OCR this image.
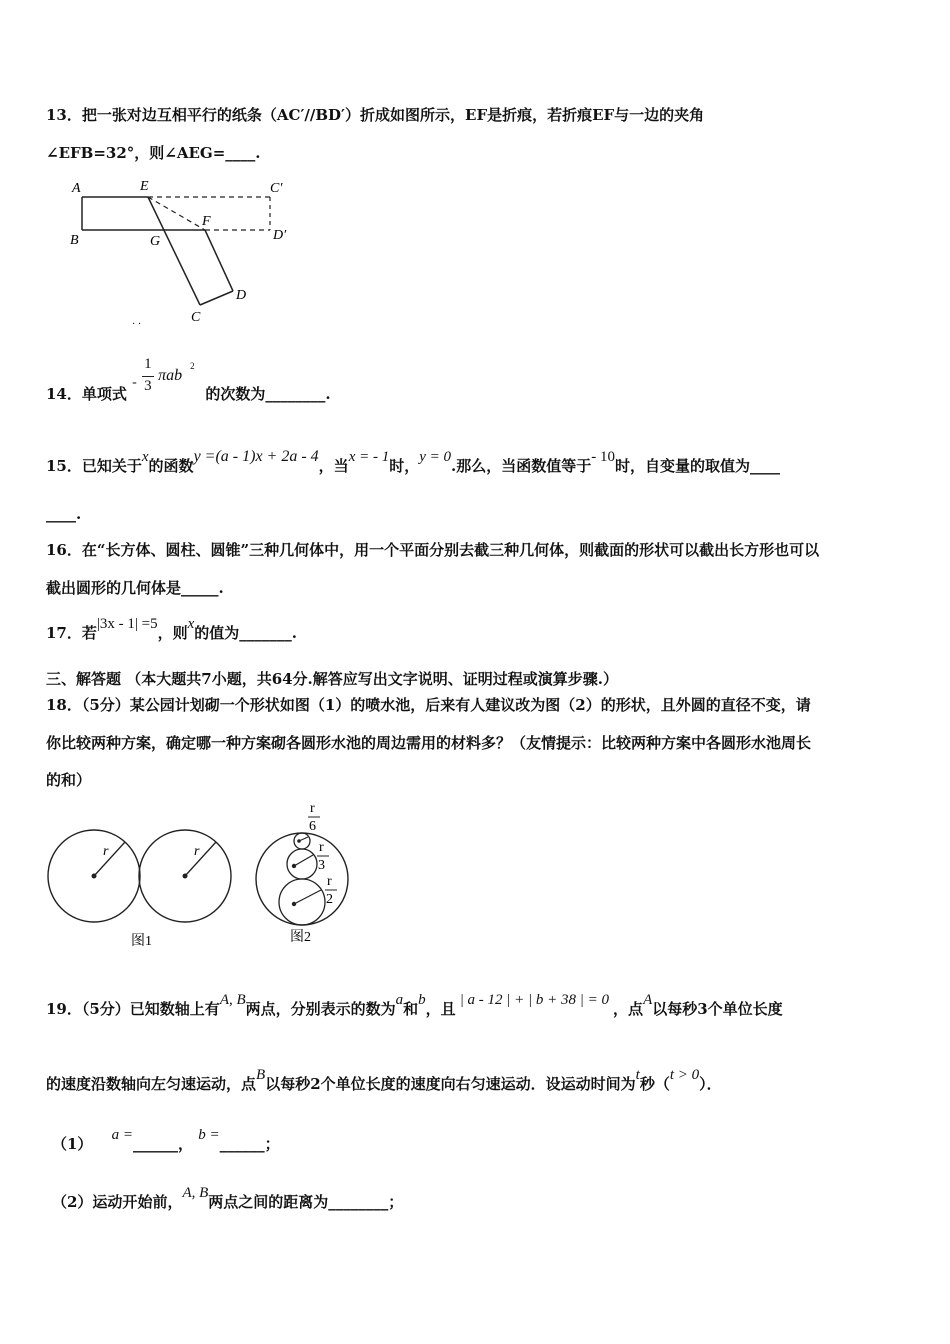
13．把一张对边互相平行的纸条（AC′//BD′）折成如图所示，EF是折痕，若折痕EF与一边的夹角
∠EFB=32°，则∠AEG=____.
A	E	C′
F
B	G	D′
D
C
· ·
14．单项式
-
1
3
πab
2
的次数为________.
15．已知关于x的函数y =(a - 1)x + 2a - 4，当x = - 1时，y = 0.那么，当函数值等于- 10时，自变量的取值为____
____.
16．在“长方体、圆柱、圆锥”三种几何体中，用一个平面分别去截三种几何体，则截面的形状可以截出长方形也可以
截出圆形的几何体是_____.
17．若|3x - 1| =5，则x的值为_______.
三、解答题 （本大题共7小题，共64分.解答应写出文字说明、证明过程或演算步骤.）
18．（5分）某公园计划砌一个形状如图（1）的喷水池，后来有人建议改为图（2）的形状，且外圆的直径不变，请
你比较两种方案，确定哪一种方案砌各圆形水池的周边需用的材料多？（友情提示：比较两种方案中各圆形水池周长
的和）
r	r
图1
r
6
r
3
r
2
图2
19．（5分）已知数轴上有A, B两点，分别表示的数为a和b，且 | a - 12 | + | b + 38 | = 0 ，点A以每秒3个单位长度
的速度沿数轴向左匀速运动，点B以每秒2个单位长度的速度向右匀速运动．设运动时间为t秒（t > 0）．
（1） a =______， b =______；
（2）运动开始前，A, B两点之间的距离为________；
